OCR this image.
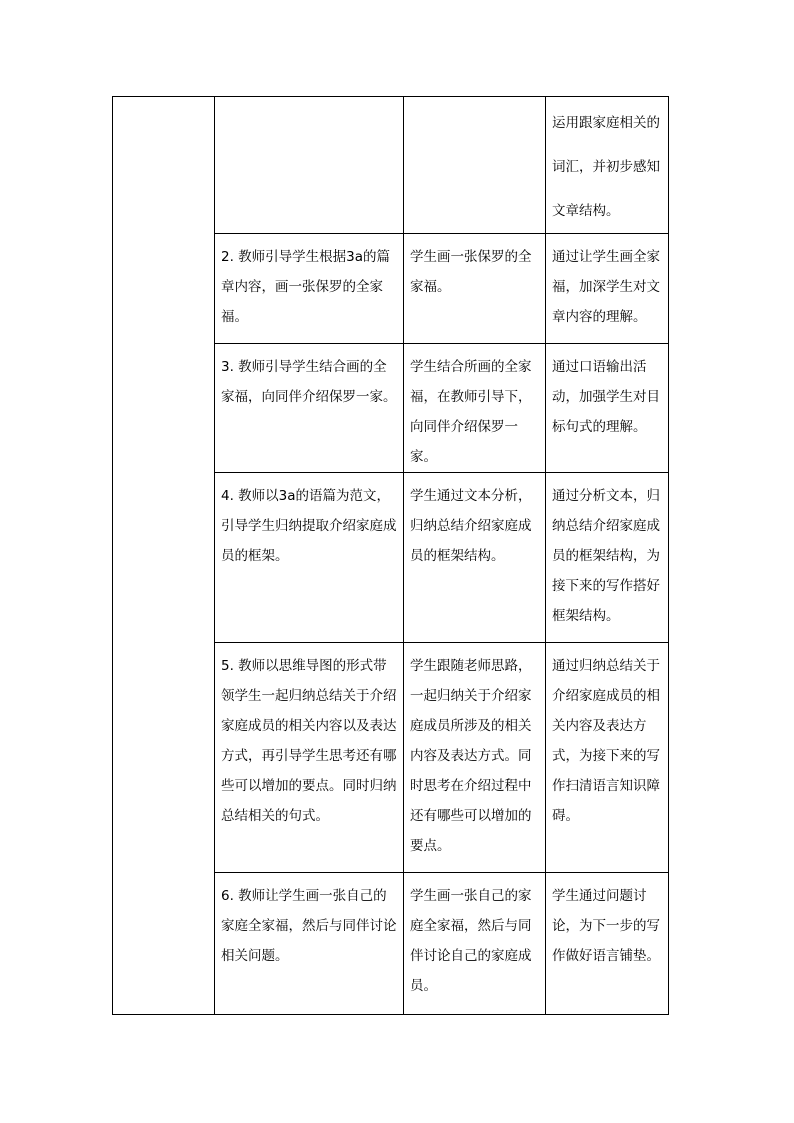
			运用跟家庭相关的词汇，并初步感知文章结构。
	2. 教师引导学生根据3a的篇章内容，画一张保罗的全家福。	学生画一张保罗的全家福。	通过让学生画全家福，加深学生对文章内容的理解。
	3. 教师引导学生结合画的全家福，向同伴介绍保罗一家。	学生结合所画的全家福，在教师引导下，向同伴介绍保罗一家。	通过口语输出活动，加强学生对目标句式的理解。
	4. 教师以3a的语篇为范文，引导学生归纳提取介绍家庭成员的框架。	学生通过文本分析，归纳总结介绍家庭成员的框架结构。	通过分析文本，归纳总结介绍家庭成员的框架结构，为接下来的写作搭好框架结构。
	5. 教师以思维导图的形式带领学生一起归纳总结关于介绍家庭成员的相关内容以及表达方式，再引导学生思考还有哪些可以增加的要点。同时归纳总结相关的句式。	学生跟随老师思路，一起归纳关于介绍家庭成员所涉及的相关内容及表达方式。同时思考在介绍过程中还有哪些可以增加的要点。	通过归纳总结关于介绍家庭成员的相关内容及表达方式，为接下来的写作扫清语言知识障碍。
	6. 教师让学生画一张自己的家庭全家福，然后与同伴讨论相关问题。	学生画一张自己的家庭全家福，然后与同伴讨论自己的家庭成员。	学生通过问题讨论，为下一步的写作做好语言铺垫。
